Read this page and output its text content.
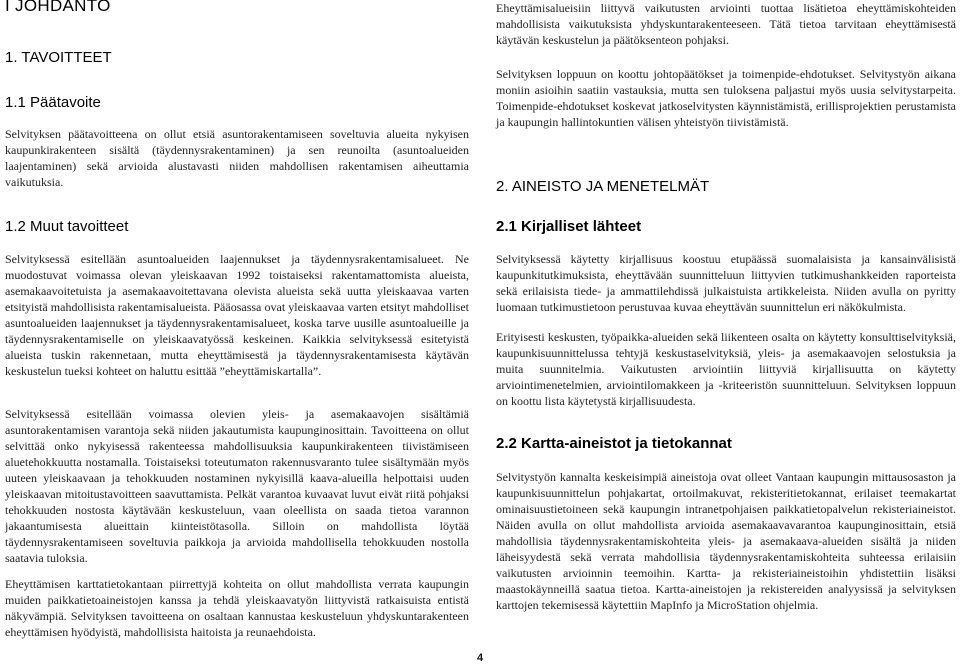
I JOHDANTO
1. TAVOITTEET
1.1 Päätavoite

Selvityksen päätavoitteena on ollut etsiä asuntorakentamiseen soveltuvia alueita nykyisen kaupunkirakenteen sisältä (täydennysrakentaminen) ja sen reunoilta (asuntoalueiden laajentaminen) sekä arvioida alustavasti niiden mahdollisen rakentamisen aiheuttamia vaikutuksia.

1.2 Muut tavoitteet

Selvityksessä esitellään asuntoalueiden laajennukset ja täydennysrakentamisalueet. Ne muodostuvat voimassa olevan yleiskaavan 1992 toistaiseksi rakentamattomista alueista, asemakaavoitetuista ja asemakaavoitettavana olevista alueista sekä uutta yleiskaavaa varten etsityistä mahdollisista rakentamisalueista. Pääosassa ovat yleiskaavaa varten etsityt mahdolliset asuntoalueiden laajennukset ja täydennysrakentamisalueet, koska tarve uusille asuntoalueille ja täydennysrakentamiselle on yleiskaavatyössä keskeinen. Kaikkia selvityksessä esitetyistä alueista tuskin rakennetaan, mutta eheyttämisestä ja täydennysrakentamisesta käytävän keskustelun tueksi kohteet on haluttu esittää ”eheyttämiskartalla”.

Selvityksessä esitellään voimassa olevien yleis- ja asemakaavojen sisältämiä asuntorakentamisen varantoja sekä niiden jakautumista kaupunginosittain. Tavoitteena on ollut selvittää onko nykyisessä rakenteessa mahdollisuuksia kaupunkirakenteen tiivistämiseen aluetehokkuutta nostamalla. Toistaiseksi toteutumaton rakennusvaranto tulee sisältymään myös uuteen yleiskaavaan ja tehokkuuden nostaminen nykyisillä kaava-alueilla helpottaisi uuden yleiskaavan mitoitustavoitteen saavuttamista. Pelkät varantoa kuvaavat luvut eivät riitä pohjaksi tehokkuuden nostosta käytävään keskusteluun, vaan oleellista on saada tietoa varannon jakaantumisesta alueittain kiinteistötasolla. Silloin on mahdollista löytää täydennysrakentamiseen soveltuvia paikkoja ja arvioida mahdollisella tehokkuuden nostolla saatavia tuloksia.

Eheyttämisen karttatietokantaan piirrettyjä kohteita on ollut mahdollista verrata kaupungin muiden paikkatietoaineistojen kanssa ja tehdä yleiskaavatyön liittyvistä ratkaisuista entistä näkyvämpiä. Selvityksen tavoitteena on osaltaan kannustaa keskusteluun yhdyskuntarakenteen eheyttämisen hyödyistä, mahdollisista haitoista ja reunaehdoista.

Eheyttämisalueisiin liittyvä vaikutusten arviointi tuottaa lisätietoa eheyttämiskohteiden mahdollisista vaikutuksista yhdyskuntarakenteeseen. Tätä tietoa tarvitaan eheyttämisestä käytävän keskustelun ja päätöksenteon pohjaksi.

Selvityksen loppuun on koottu johtopäätökset ja toimenpide-ehdotukset. Selvitystyön aikana moniin asioihin saatiin vastauksia, mutta sen tuloksena paljastui myös uusia selvitystarpeita. Toimenpide-ehdotukset koskevat jatkoselvitysten käynnistämistä, erillisprojektien perustamista ja kaupungin hallintokuntien välisen yhteistyön tiivistämistä.

2. AINEISTO JA MENETELMÄT
2.1 Kirjalliset lähteet

Selvityksessä käytetty kirjallisuus koostuu etupäässä suomalaisista ja kansainvälisistä kaupunkitutkimuksista, eheyttävään suunnitteluun liittyvien tutkimushankkeiden raporteista sekä erilaisista tiede- ja ammattilehdissä julkaistuista artikkeleista. Niiden avulla on pyritty luomaan tutkimustietoon perustuvaa kuvaa eheyttävän suunnittelun eri näkökulmista.

Erityisesti keskusten, työpaikka-alueiden sekä liikenteen osalta on käytetty konsulttiselvityksiä, kaupunkisuunnittelussa tehtyjä keskustaselvityksiä, yleis- ja asemakaavojen selostuksia ja muita suunnitelmia. Vaikutusten arviointiin liittyviä kirjallisuutta on käytetty arviointimenetelmien, arviointilomakkeen ja -kriteeristön suunnitteluun. Selvityksen loppuun on koottu lista käytetystä kirjallisuudesta.

2.2 Kartta-aineistot ja tietokannat

Selvitystyön kannalta keskeisimpiä aineistoja ovat olleet Vantaan kaupungin mittausosaston ja kaupunkisuunnittelun pohjakartat, ortoilmakuvat, rekisteritietokannat, erilaiset teemakartat ominaisuustietoineen sekä kaupungin intranetpohjaisen paikkatietopalvelun rekisteriaineistot. Näiden avulla on ollut mahdollista arvioida asemakaavavarantoa kaupunginosittain, etsiä mahdollisia täydennysrakentamiskohteita yleis- ja asemakaava-alueiden sisältä ja niiden läheisyydestä sekä verrata mahdollisia täydennysrakentamiskohteita suhteessa erilaisiin vaikutusten arvioinnin teemoihin. Kartta- ja rekisteriaineistoihin yhdistettiin lisäksi maastokäynneillä saatua tietoa. Kartta-aineistojen ja rekistereiden analyysissä ja selvityksen karttojen tekemisessä käytettiin MapInfo ja MicroStation ohjelmia.

4
